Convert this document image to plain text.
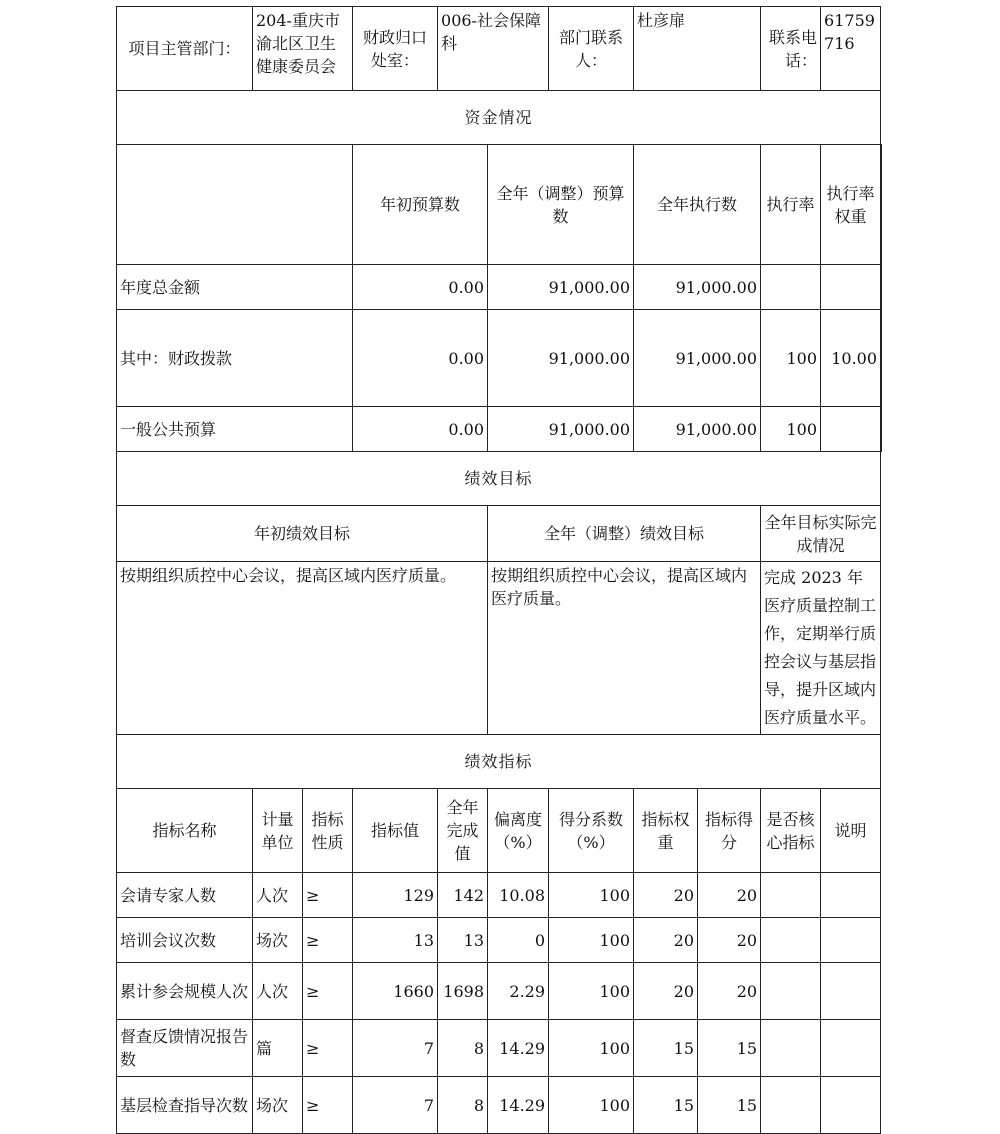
项目主管部门：	204-重庆市渝北区卫生健康委员会		财政归口处室：	006-社会保障科		部门联系人：	杜彦扉		联系电话：	61759716	
资金情况											
			年初预算数		全年（调整）预算数		全年执行数		执行率	执行率权重	
年度总金额			0.00		91,000.00		91,000.00				
其中：财政拨款			0.00		91,000.00		91,000.00		100	10.00	
一般公共预算			0.00		91,000.00		91,000.00		100		
绩效目标											
年初绩效目标					全年（调整）绩效目标				全年目标实际完成情况		
按期组织质控中心会议，提高区域内医疗质量。					按期组织质控中心会议，提高区域内医疗质量。				完成 2023 年医疗质量控制工作，定期举行质控会议与基层指导，提升区域内医疗质量水平。		
绩效指标											
指标名称	计量单位	指标性质	指标值	全年完成值	偏离度（%）	得分系数（%）	指标权重	指标得分	是否核心指标	说明	
会请专家人数	人次	≥	129	142	10.08	100	20	20			
培训会议次数	场次	≥	13	13	0	100	20	20			
累计参会规模人次	人次	≥	1660	1698	2.29	100	20	20			
督查反馈情况报告数	篇	≥	7	8	14.29	100	15	15			
基层检查指导次数	场次	≥	7	8	14.29	100	15	15			
